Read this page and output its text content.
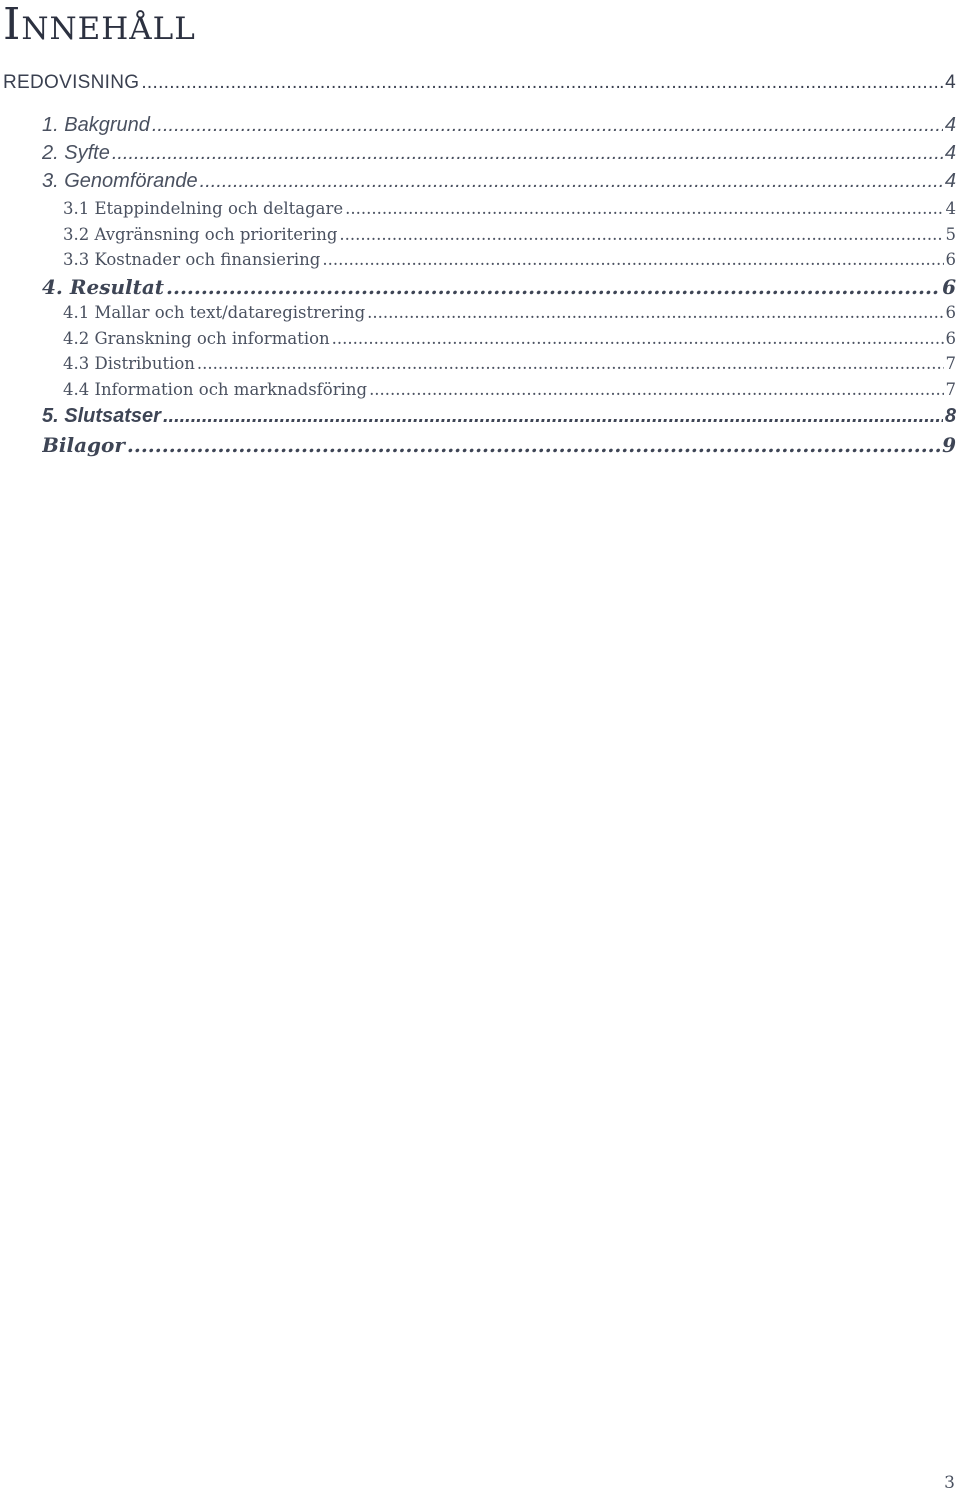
Innehåll
REDOVISNING .....	4
1. Bakgrund .....	4
2. Syfte .....	4
3. Genomförande .....	4
3.1 Etappindelning och deltagare .....	4
3.2 Avgränsning och prioritering .....	5
3.3 Kostnader och finansiering .....	6
4. Resultat .....	6
4.1 Mallar och text/dataregistrering .....	6
4.2 Granskning och information .....	6
4.3 Distribution .....	7
4.4 Information och marknadsföring .....	7
5. Slutsatser .....	8
Bilagor .....	9
3
